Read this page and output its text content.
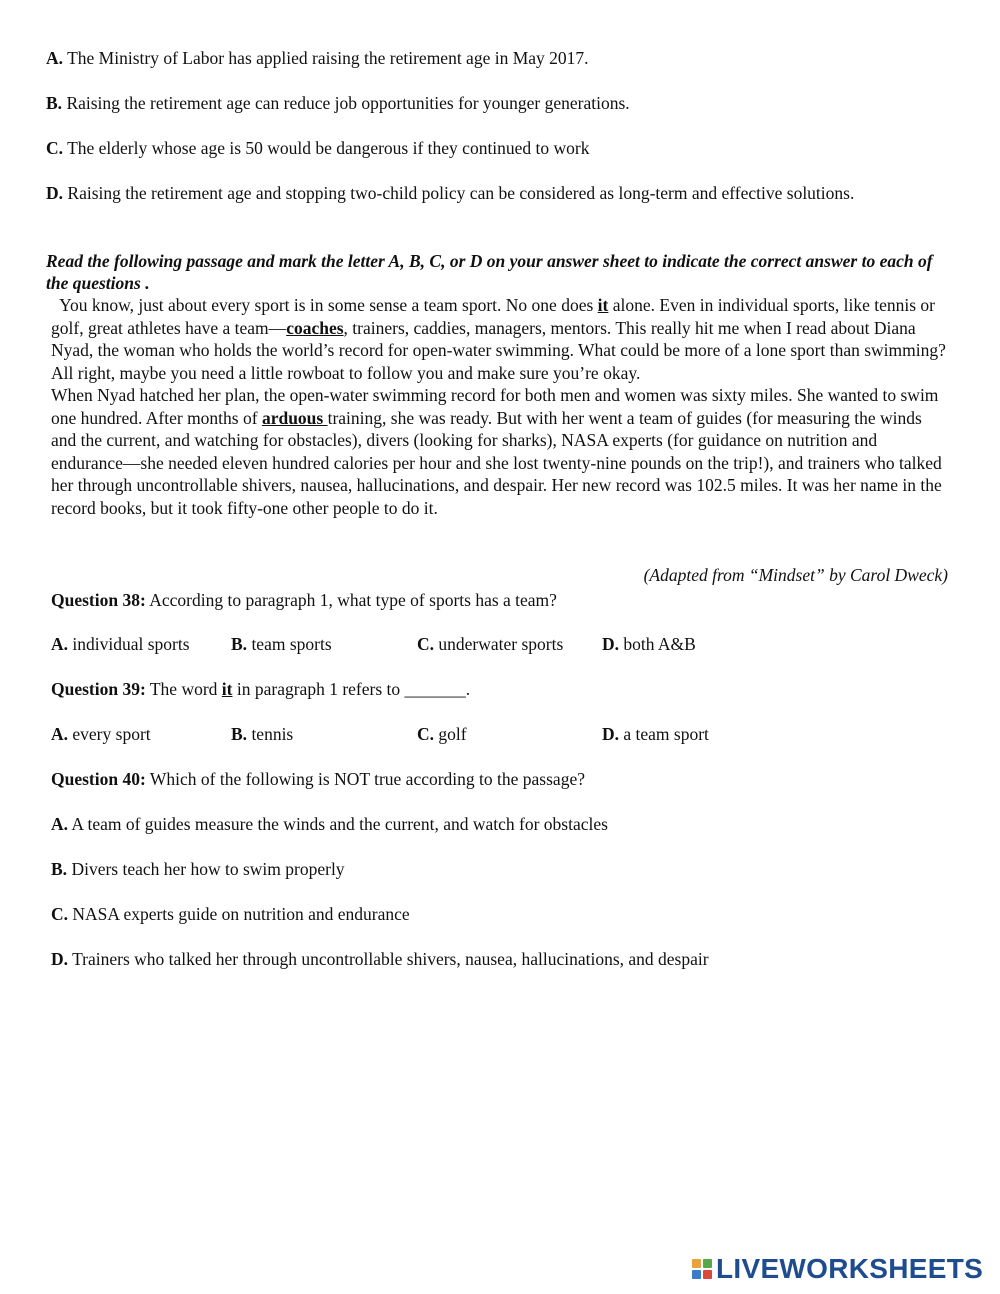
A. The Ministry of Labor has applied raising the retirement age in May 2017.
B. Raising the retirement age can reduce job opportunities for younger generations.
C. The elderly whose age is 50 would be dangerous if they continued to work
D. Raising the retirement age and stopping two-child policy can be considered as long-term and effective solutions.
Read the following passage and mark the letter A, B, C, or D on your answer sheet to indicate the correct answer to each of the questions .

You know, just about every sport is in some sense a team sport. No one does it alone. Even in individual sports, like tennis or golf, great athletes have a team—coaches, trainers, caddies, managers, mentors. This really hit me when I read about Diana Nyad, the woman who holds the world’s record for open-water swimming. What could be more of a lone sport than swimming? All right, maybe you need a little rowboat to follow you and make sure you’re okay.

When Nyad hatched her plan, the open-water swimming record for both men and women was sixty miles. She wanted to swim one hundred. After months of arduous training, she was ready. But with her went a team of guides (for measuring the winds and the current, and watching for obstacles), divers (looking for sharks), NASA experts (for guidance on nutrition and endurance—she needed eleven hundred calories per hour and she lost twenty-nine pounds on the trip!), and trainers who talked her through uncontrollable shivers, nausea, hallucinations, and despair. Her new record was 102.5 miles. It was her name in the record books, but it took fifty-one other people to do it.

(Adapted from “Mindset” by Carol Dweck)
Question 38: According to paragraph 1, what type of sports has a team?
A. individual sports B. team sports	C. underwater sports D. both A&B
Question 39: The word it in paragraph 1 refers to _______.
A. every sport	B. tennis	C. golf	D. a team sport
Question 40: Which of the following is NOT true according to the passage?
A. A team of guides measure the winds and the current, and watch for obstacles
B. Divers teach her how to swim properly
C. NASA experts guide on nutrition and endurance
D. Trainers who talked her through uncontrollable shivers, nausea, hallucinations, and despair
LIVEWORKSHEETS
